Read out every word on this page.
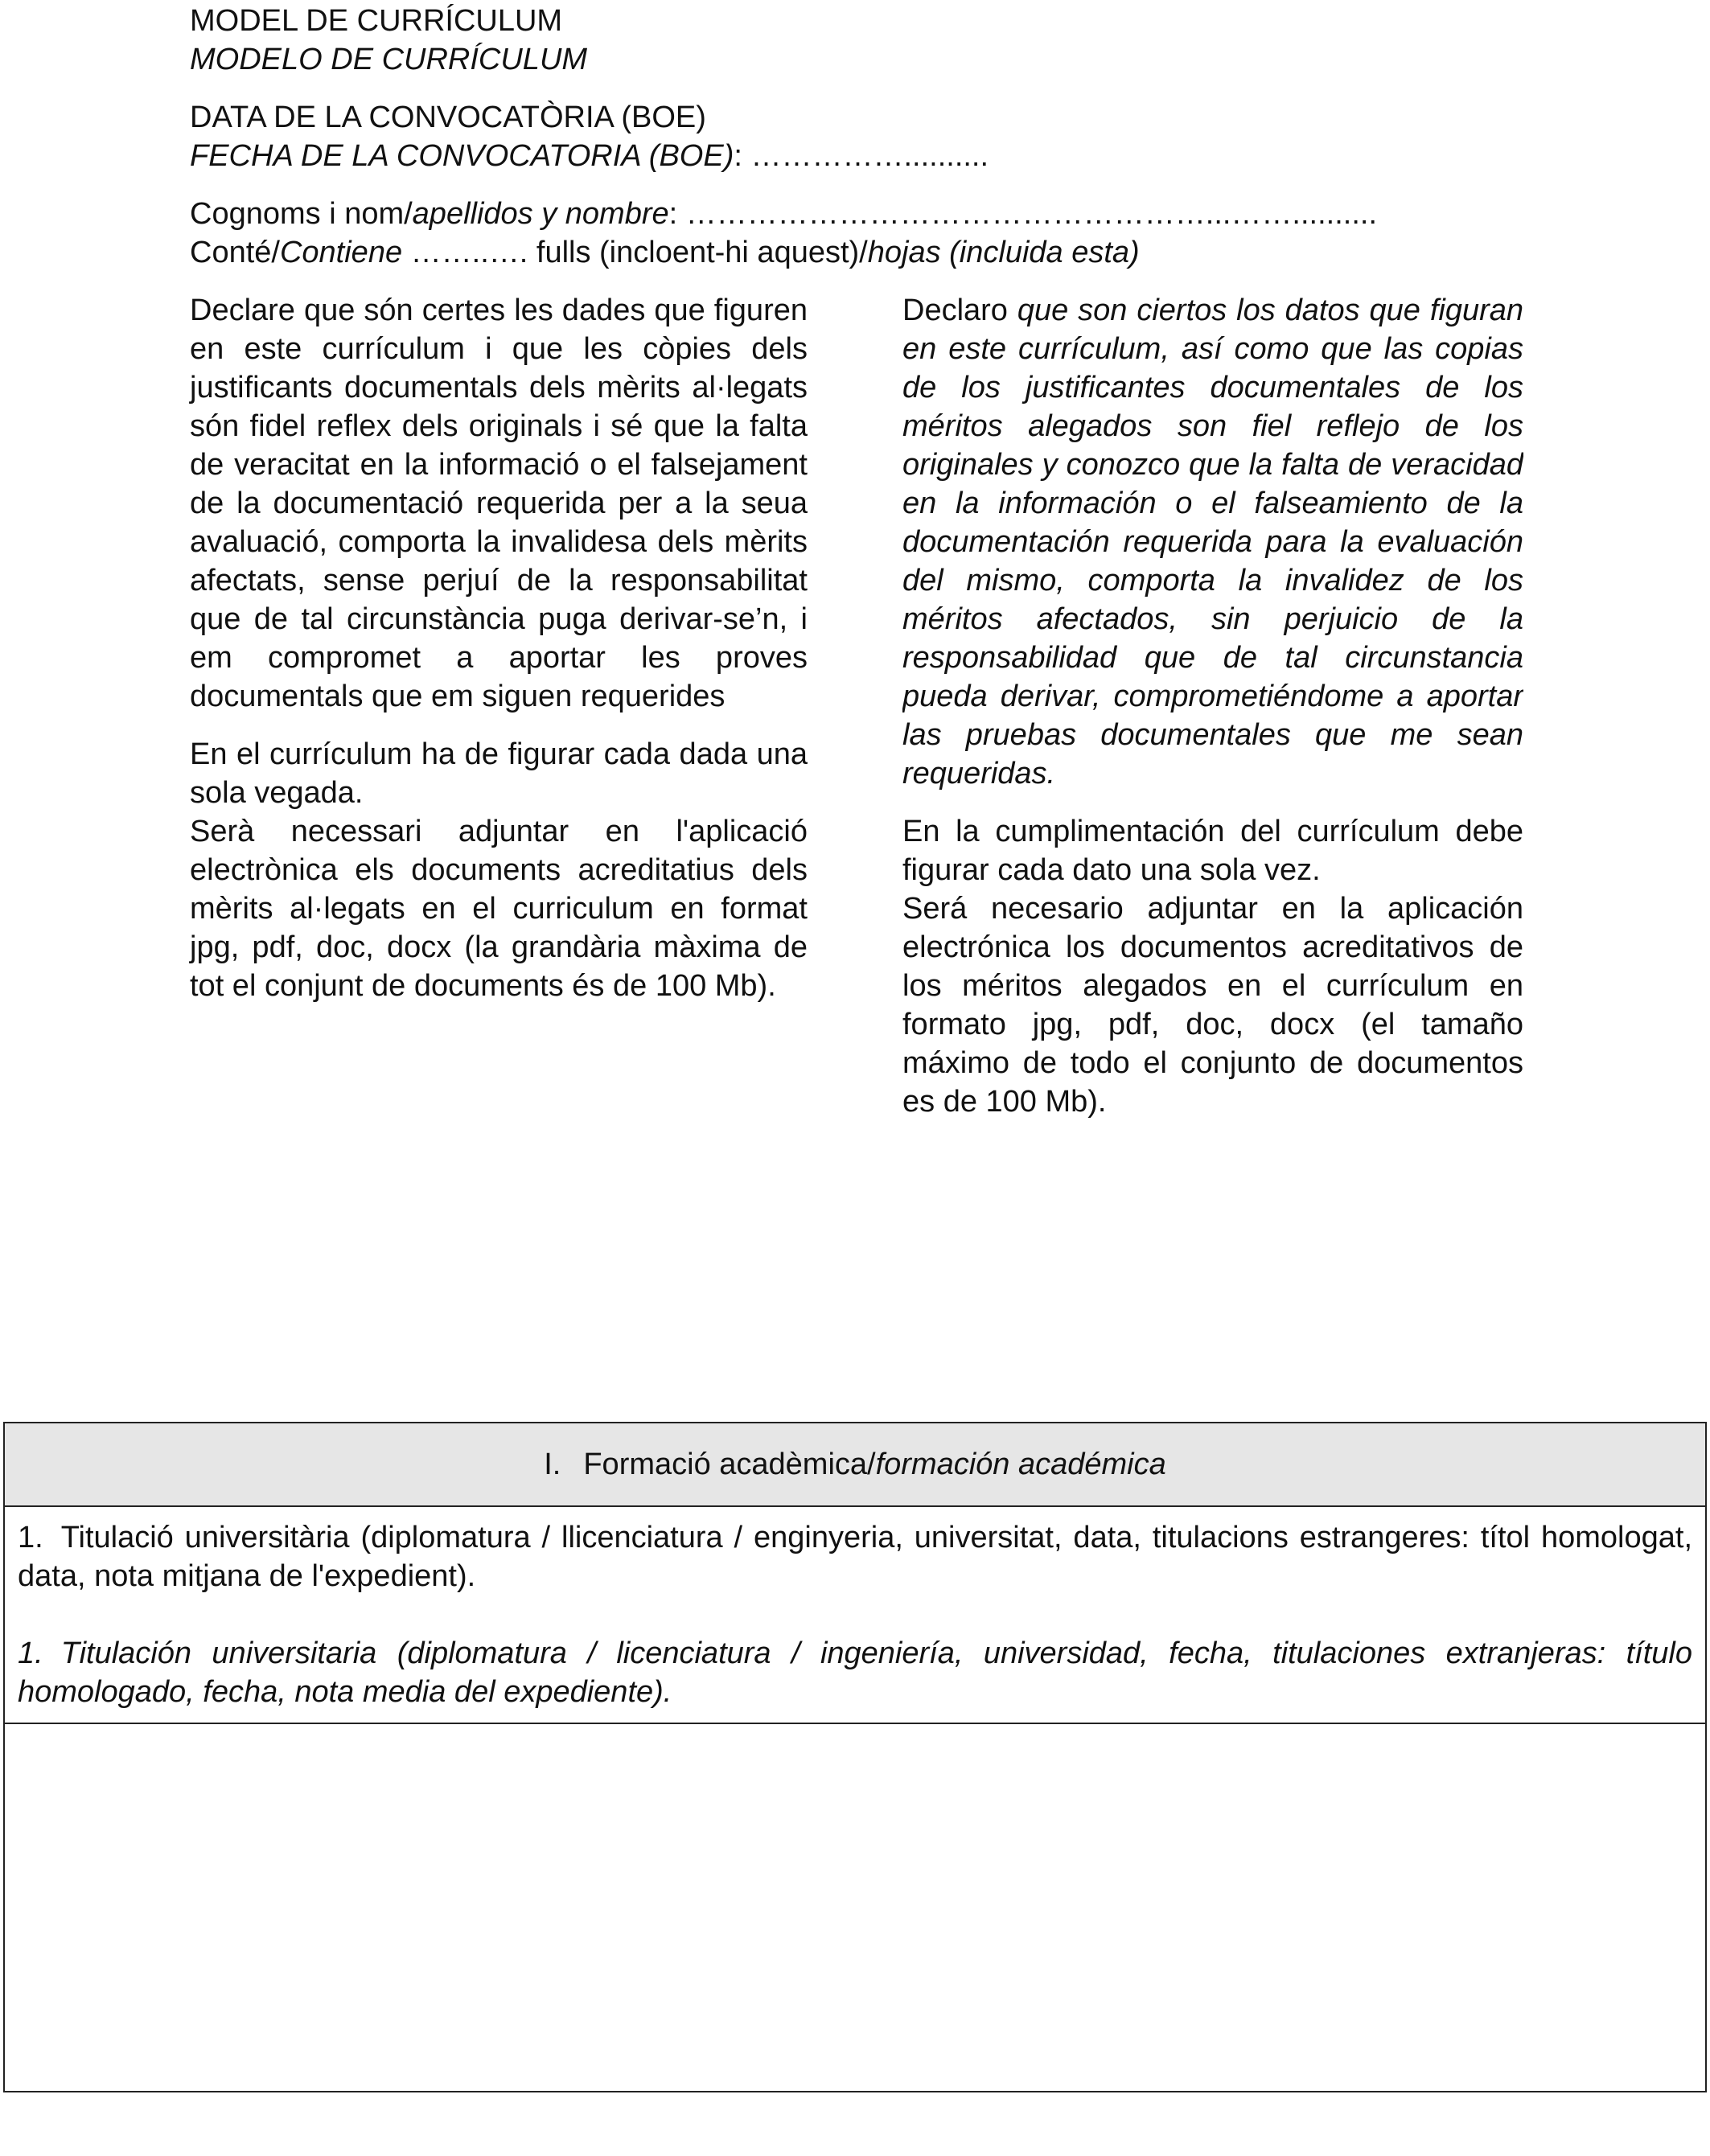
MODEL DE CURRÍCULUM

MODELO DE CURRÍCULUM

DATA DE LA CONVOCATÒRIA (BOE)

FECHA DE LA CONVOCATORIA (BOE): ……………..........

Cognoms i nom/apellidos y nombre: ……………………………………………...……..........

Conté/Contiene ……..…. fulls (incloent-hi aquest)/hojas (incluida esta)

Declare que són certes les dades que figuren en este currículum i que les còpies dels justificants documentals dels mèrits al·legats són fidel reflex dels originals i sé que la falta de veracitat en la informació o el falsejament de la documentació requerida per a la seua avaluació, comporta la invalidesa dels mèrits afectats, sense perjuí de la responsabilitat que de tal circunstància puga derivar-se’n, i em compromet a aportar les proves documentals que em siguen requerides

En el currículum ha de figurar cada dada una sola vegada.

Serà necessari adjuntar en l'aplicació electrònica els documents acreditatius dels mèrits al·legats en el curriculum en format jpg, pdf, doc, docx (la grandària màxima de tot el conjunt de documents és de 100 Mb).

Declaro que son ciertos los datos que figuran en este currículum, así como que las copias de los justificantes documentales de los méritos alegados son fiel reflejo de los originales y conozco que la falta de veracidad en la información o el falseamiento de la documentación requerida para la evaluación del mismo, comporta la invalidez de los méritos afectados, sin perjuicio de la responsabilidad que de tal circunstancia pueda derivar, comprometiéndome a aportar las pruebas documentales que me sean requeridas.

En la cumplimentación del currículum debe figurar cada dato una sola vez.

Será necesario adjuntar en la aplicación electrónica los documentos acreditativos de los méritos alegados en el currículum en formato jpg, pdf, doc, docx (el tamaño máximo de todo el conjunto de documentos es de 100 Mb).

I. Formació acadèmica/ formación académica

1. Titulació universitària (diplomatura / llicenciatura / enginyeria, universitat, data, titulacions estrangeres: títol homologat, data, nota mitjana de l'expedient).

1. Titulación universitaria (diplomatura / licenciatura / ingeniería, universidad, fecha, titulaciones extranjeras: título homologado, fecha, nota media del expediente).
